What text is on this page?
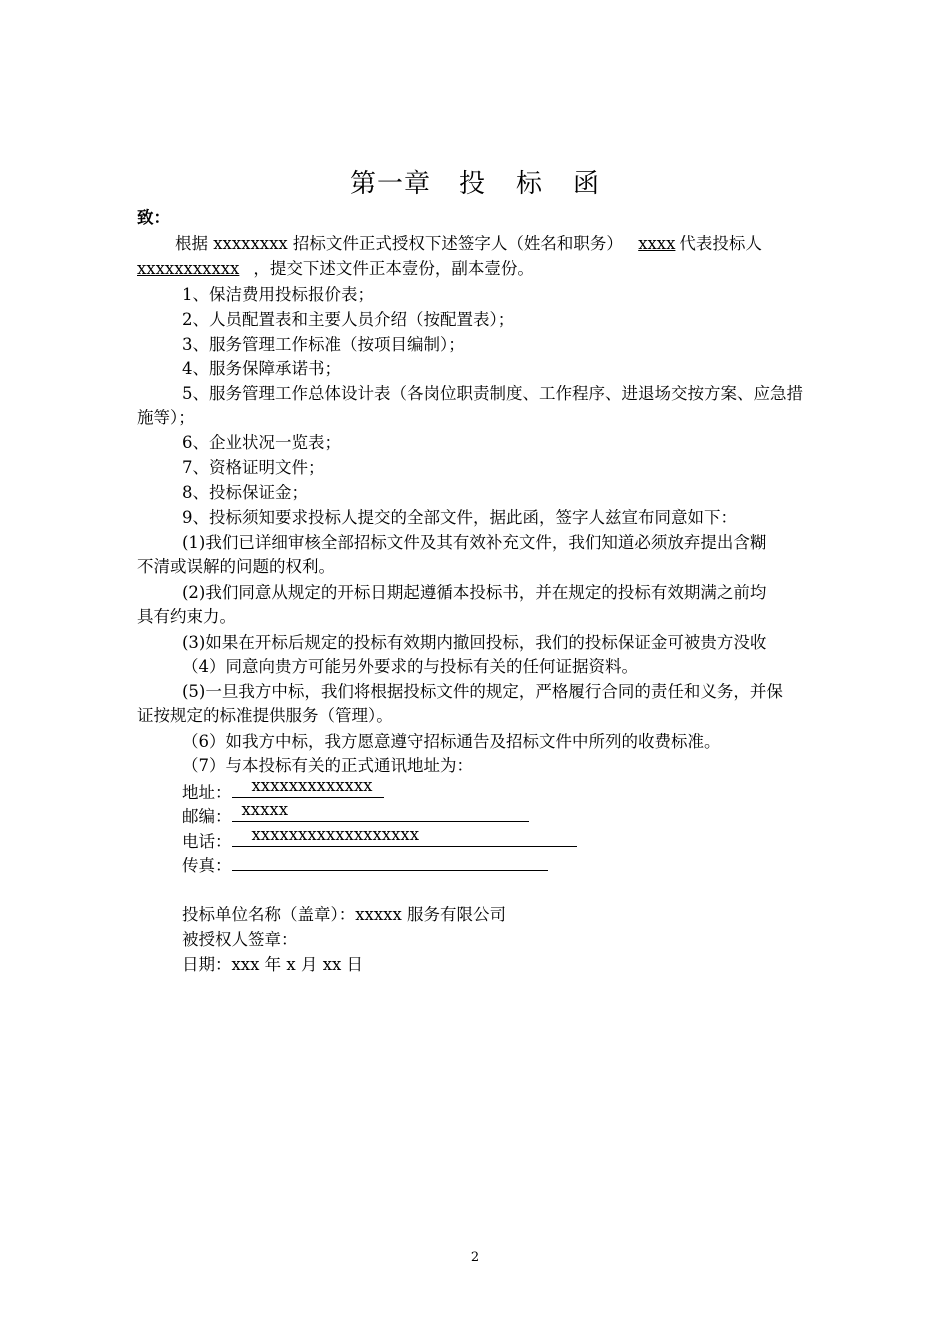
第一章 投 标 函
致：
根据 xxxxxxxx 招标文件正式授权下述签字人（姓名和职务） xxxx 代表投标人
xxxxxxxxxxx ，提交下述文件正本壹份，副本壹份。
1、保洁费用投标报价表；
2、人员配置表和主要人员介绍（按配置表）；
3、服务管理工作标准（按项目编制）；
4、服务保障承诺书；
5、服务管理工作总体设计表（各岗位职责制度、工作程序、进退场交按方案、应急措
施等）；
6、企业状况一览表；
7、资格证明文件；
8、投标保证金；
9、投标须知要求投标人提交的全部文件，据此函，签字人兹宣布同意如下：
(1)我们已详细审核全部招标文件及其有效补充文件，我们知道必须放弃提出含糊
不清或误解的问题的权利。
(2)我们同意从规定的开标日期起遵循本投标书，并在规定的投标有效期满之前均
具有约束力。
(3)如果在开标后规定的投标有效期内撤回投标，我们的投标保证金可被贵方没收
（4）同意向贵方可能另外要求的与投标有关的任何证据资料。
(5)一旦我方中标，我们将根据投标文件的规定，严格履行合同的责任和义务，并保
证按规定的标准提供服务（管理）。
（6）如我方中标，我方愿意遵守招标通告及招标文件中所列的收费标准。
（7）与本投标有关的正式通讯地址为：
地址： xxxxxxxxxxxxx
邮编： xxxxx
电话： xxxxxxxxxxxxxxxxxx
传真：
投标单位名称（盖章）：xxxxx 服务有限公司
被授权人签章：
日期：xxx 年 x 月 xx 日
2
